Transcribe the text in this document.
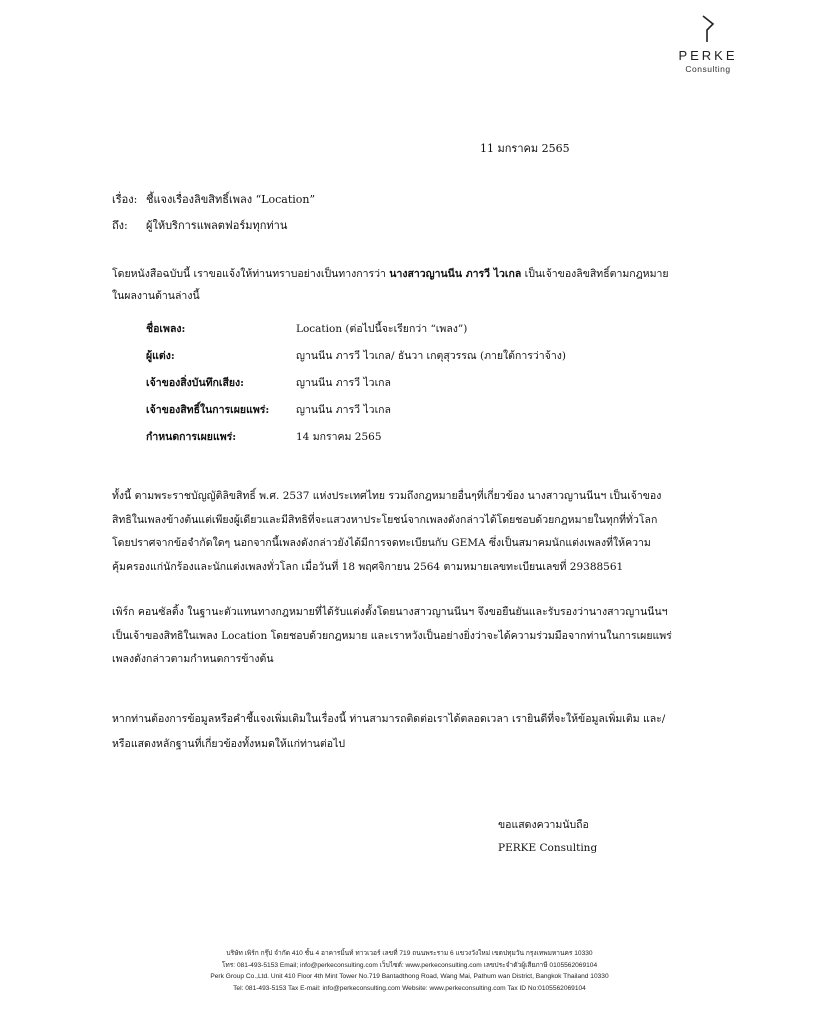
PERKE
Consulting
11 มกราคม 2565
เรื่อง: ชี้แจงเรื่องลิขสิทธิ์เพลง “Location”
ถึง: ผู้ให้บริการแพลตฟอร์มทุกท่าน
โดยหนังสือฉบับนี้ เราขอแจ้งให้ท่านทราบอย่างเป็นทางการว่า นางสาวญานนีน ภารวี ไวเกล เป็นเจ้าของลิขสิทธิ์ตามกฎหมาย
ในผลงานด้านล่างนี้
ชื่อเพลง:	Location (ต่อไปนี้จะเรียกว่า “เพลง”)
ผู้แต่ง:	ญานนีน ภารวี ไวเกล/ ธันวา เกตุสุวรรณ (ภายใต้การว่าจ้าง)
เจ้าของสิ่งบันทึกเสียง:	ญานนีน ภารวี ไวเกล
เจ้าของสิทธิ์ในการเผยแพร่:	ญานนีน ภารวี ไวเกล
กำหนดการเผยแพร่:	14 มกราคม 2565
ทั้งนี้ ตามพระราชบัญญัติลิขสิทธิ์ พ.ศ. 2537 แห่งประเทศไทย รวมถึงกฎหมายอื่นๆที่เกี่ยวข้อง นางสาวญานนีนฯ เป็นเจ้าของ
สิทธิในเพลงข้างต้นแต่เพียงผู้เดียวและมีสิทธิที่จะแสวงหาประโยชน์จากเพลงดังกล่าวได้โดยชอบด้วยกฎหมายในทุกที่ทั่วโลก
โดยปราศจากข้อจำกัดใดๆ นอกจากนี้เพลงดังกล่าวยังได้มีการจดทะเบียนกับ GEMA ซึ่งเป็นสมาคมนักแต่งเพลงที่ให้ความ
คุ้มครองแก่นักร้องและนักแต่งเพลงทั่วโลก เมื่อวันที่ 18 พฤศจิกายน 2564 ตามหมายเลขทะเบียนเลขที่ 29388561
เพิร์ก คอนซัลติ้ง ในฐานะตัวแทนทางกฎหมายที่ได้รับแต่งตั้งโดยนางสาวญานนีนฯ จึงขอยืนยันและรับรองว่านางสาวญานนีนฯ
เป็นเจ้าของสิทธิในเพลง Location โดยชอบด้วยกฎหมาย และเราหวังเป็นอย่างยิ่งว่าจะได้ความร่วมมือจากท่านในการเผยแพร่
เพลงดังกล่าวตามกำหนดการข้างต้น
หากท่านต้องการข้อมูลหรือคำชี้แจงเพิ่มเติมในเรื่องนี้ ท่านสามารถติดต่อเราได้ตลอดเวลา เรายินดีที่จะให้ข้อมูลเพิ่มเติม และ/
หรือแสดงหลักฐานที่เกี่ยวข้องทั้งหมดให้แก่ท่านต่อไป
ขอแสดงความนับถือ
PERKE Consulting
บริษัท เพิร์ก กรุ๊ป จำกัด 410 ชั้น 4 อาคารมิ้นท์ ทาวเวอร์ เลขที่ 719 ถนนพระราม 6 แขวงวังใหม่ เขตปทุมวัน กรุงเทพมหานคร 10330
โทร: 081-493-5153 Email; info@perkeconsulting.com เว็บไซต์: www.perkeconsulting.com เลขประจำตัวผู้เสียภาษี 0105562069104
Perk Group Co.,Ltd. Unit 410 Floor 4th Mint Tower No.719 Bantadthong Road, Wang Mai, Pathum wan District, Bangkok Thailand 10330
Tel: 081-493-5153 Tax E-mail: info@perkeconsulting.com Website: www.perkeconsulting.com Tax ID No:0105562069104
